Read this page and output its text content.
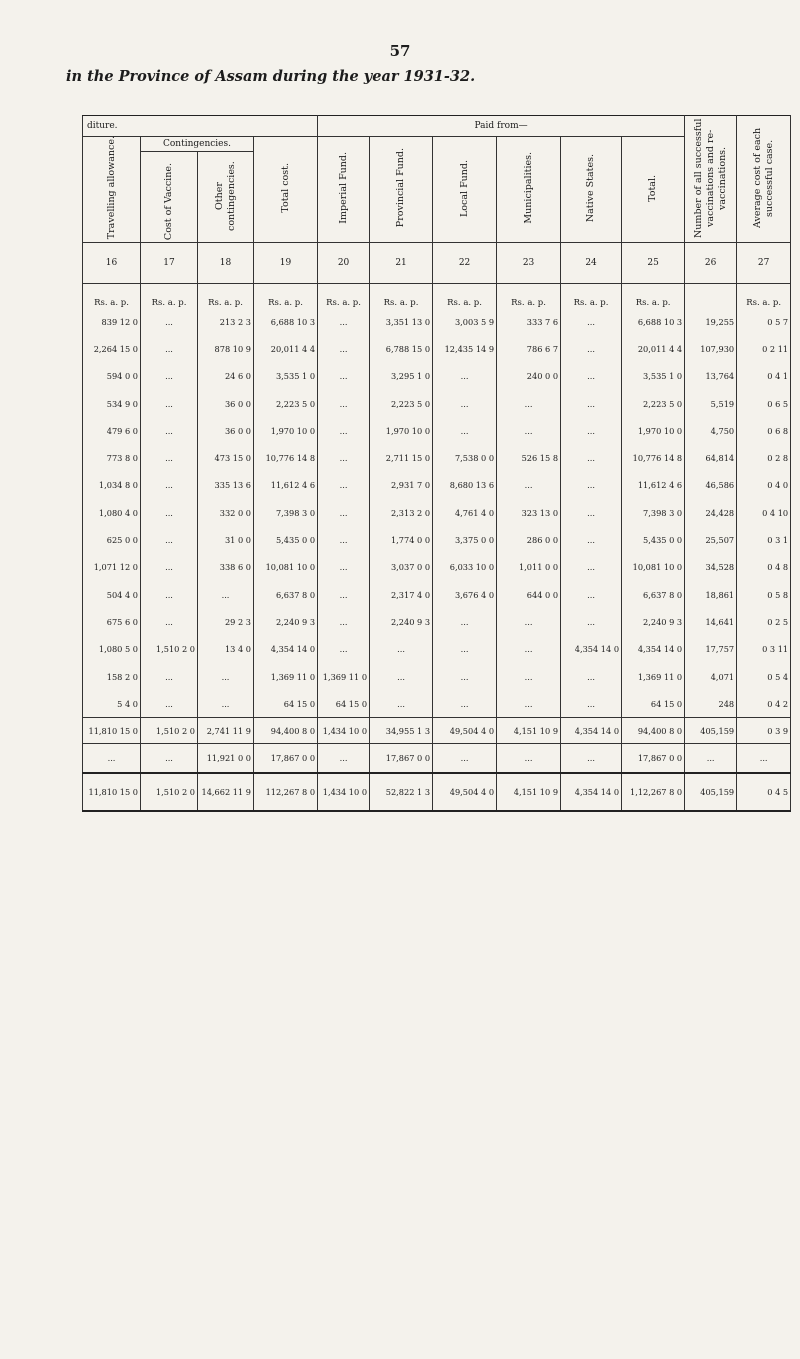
57
in the Province of Assam during the year 1931-32.
diture.				Paid from—						Number of all successful vaccinations and re-vaccinations.	Average cost of each successful case.
Travelling allowance.	Contingencies.		Total cost.	Imperial Fund.	Provincial Fund.	Local Fund.	Municipalities.	Native States.	Total.		
	Cost of Vaccine.	Other contingencies.									
16	17	18	19	20	21	22	23	24	25	26	27
Rs. a. p.	Rs. a. p.	Rs. a. p.	Rs. a. p.	Rs. a. p.	Rs. a. p.	Rs. a. p.	Rs. a. p.	Rs. a. p.	Rs. a. p.		Rs. a. p.
839 12 0	...	213 2 3	6,688 10 3	...	3,351 13 0	3,003 5 9	333 7 6	...	6,688 10 3	19,255	0 5 7
2,264 15 0	...	878 10 9	20,011 4 4	...	6,788 15 0	12,435 14 9	786 6 7	...	20,011 4 4	107,930	0 2 11
594 0 0	...	24 6 0	3,535 1 0	...	3,295 1 0	...	240 0 0	...	3,535 1 0	13,764	0 4 1
534 9 0	...	36 0 0	2,223 5 0	...	2,223 5 0	...	...	...	2,223 5 0	5,519	0 6 5
479 6 0	...	36 0 0	1,970 10 0	...	1,970 10 0	...	...	...	1,970 10 0	4,750	0 6 8
773 8 0	...	473 15 0	10,776 14 8	...	2,711 15 0	7,538 0 0	526 15 8	...	10,776 14 8	64,814	0 2 8
1,034 8 0	...	335 13 6	11,612 4 6	...	2,931 7 0	8,680 13 6	...	...	11,612 4 6	46,586	0 4 0
1,080 4 0	...	332 0 0	7,398 3 0	...	2,313 2 0	4,761 4 0	323 13 0	...	7,398 3 0	24,428	0 4 10
625 0 0	...	31 0 0	5,435 0 0	...	1,774 0 0	3,375 0 0	286 0 0	...	5,435 0 0	25,507	0 3 1
1,071 12 0	...	338 6 0	10,081 10 0	...	3,037 0 0	6,033 10 0	1,011 0 0	...	10,081 10 0	34,528	0 4 8
504 4 0	...	...	6,637 8 0	...	2,317 4 0	3,676 4 0	644 0 0	...	6,637 8 0	18,861	0 5 8
675 6 0	...	29 2 3	2,240 9 3	...	2,240 9 3	...	...	...	2,240 9 3	14,641	0 2 5
1,080 5 0	1,510 2 0	13 4 0	4,354 14 0	...	...	...	...	4,354 14 0	4,354 14 0	17,757	0 3 11
158 2 0	...	...	1,369 11 0	1,369 11 0	...	...	...	...	1,369 11 0	4,071	0 5 4
5 4 0	...	...	64 15 0	64 15 0	...	...	...	...	64 15 0	248	0 4 2
11,810 15 0	1,510 2 0	2,741 11 9	94,400 8 0	1,434 10 0	34,955 1 3	49,504 4 0	4,151 10 9	4,354 14 0	94,400 8 0	405,159	0 3 9
...	...	11,921 0 0	17,867 0 0	...	17,867 0 0	...	...	...	17,867 0 0	...	...
11,810 15 0	1,510 2 0	14,662 11 9	112,267 8 0	1,434 10 0	52,822 1 3	49,504 4 0	4,151 10 9	4,354 14 0	1,12,267 8 0	405,159	0 4 5
